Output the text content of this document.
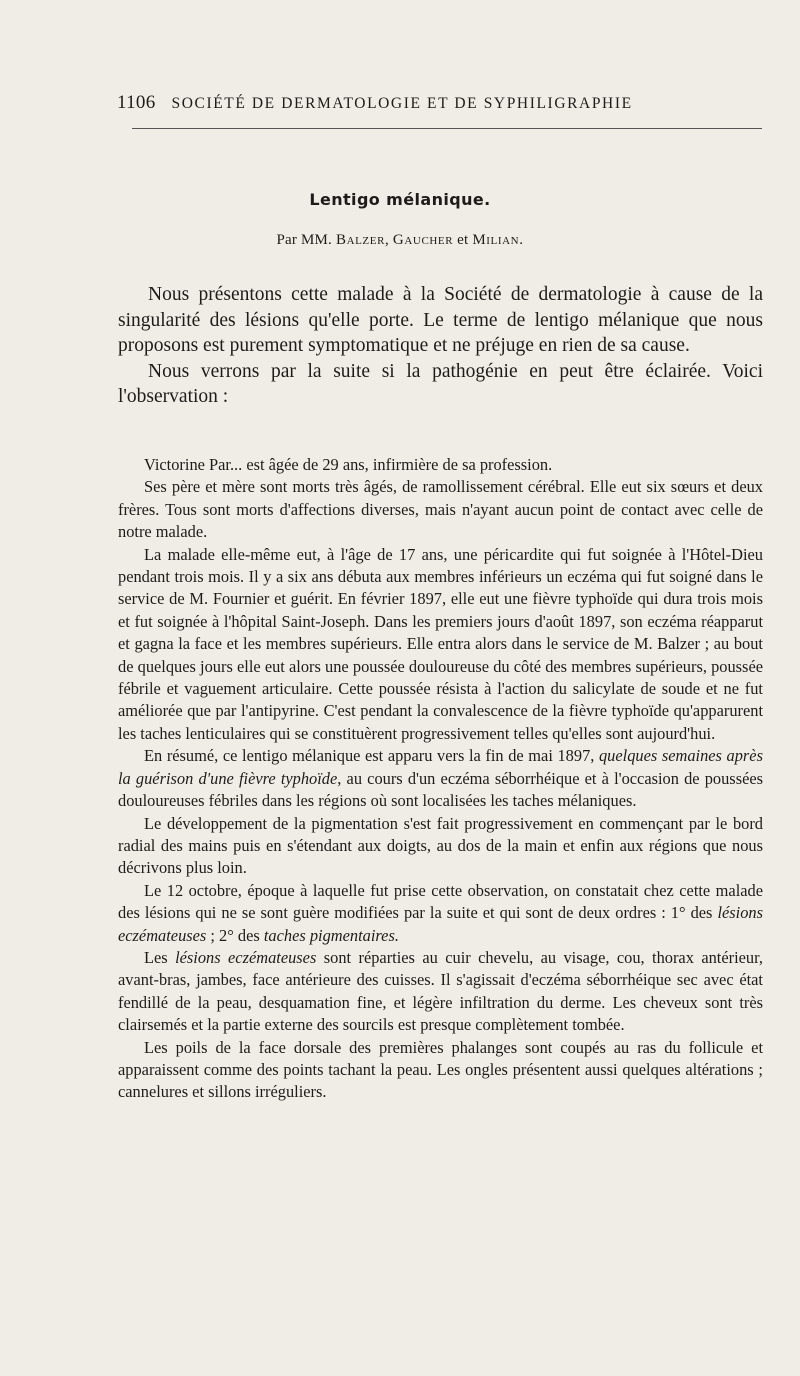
1106 SOCIÉTÉ DE DERMATOLOGIE ET DE SYPHILIGRAPHIE
Lentigo mélanique.
Par MM. Balzer, Gaucher et Milian.

Nous présentons cette malade à la Société de dermatologie à cause de la singularité des lésions qu'elle porte. Le terme de lentigo mélanique que nous proposons est purement symptomatique et ne préjuge en rien de sa cause.

Nous verrons par la suite si la pathogénie en peut être éclairée. Voici l'observation :

Victorine Par... est âgée de 29 ans, infirmière de sa profession.

Ses père et mère sont morts très âgés, de ramollissement cérébral. Elle eut six sœurs et deux frères. Tous sont morts d'affections diverses, mais n'ayant aucun point de contact avec celle de notre malade.

La malade elle-même eut, à l'âge de 17 ans, une péricardite qui fut soignée à l'Hôtel-Dieu pendant trois mois. Il y a six ans débuta aux membres inférieurs un eczéma qui fut soigné dans le service de M. Fournier et guérit. En février 1897, elle eut une fièvre typhoïde qui dura trois mois et fut soignée à l'hôpital Saint-Joseph. Dans les premiers jours d'août 1897, son eczéma réapparut et gagna la face et les membres supérieurs. Elle entra alors dans le service de M. Balzer ; au bout de quelques jours elle eut alors une poussée douloureuse du côté des membres supérieurs, poussée fébrile et vaguement articulaire. Cette poussée résista à l'action du salicylate de soude et ne fut améliorée que par l'antipyrine. C'est pendant la convalescence de la fièvre typhoïde qu'apparurent les taches lenticulaires qui se constituèrent progressivement telles qu'elles sont aujourd'hui.

En résumé, ce lentigo mélanique est apparu vers la fin de mai 1897, quelques semaines après la guérison d'une fièvre typhoïde, au cours d'un eczéma séborrhéique et à l'occasion de poussées douloureuses fébriles dans les régions où sont localisées les taches mélaniques.

Le développement de la pigmentation s'est fait progressivement en commençant par le bord radial des mains puis en s'étendant aux doigts, au dos de la main et enfin aux régions que nous décrivons plus loin.

Le 12 octobre, époque à laquelle fut prise cette observation, on constatait chez cette malade des lésions qui ne se sont guère modifiées par la suite et qui sont de deux ordres : 1° des lésions eczémateuses ; 2° des taches pigmentaires.

Les lésions eczémateuses sont réparties au cuir chevelu, au visage, cou, thorax antérieur, avant-bras, jambes, face antérieure des cuisses. Il s'agissait d'eczéma séborrhéique sec avec état fendillé de la peau, desquamation fine, et légère infiltration du derme. Les cheveux sont très clairsemés et la partie externe des sourcils est presque complètement tombée.

Les poils de la face dorsale des premières phalanges sont coupés au ras du follicule et apparaissent comme des points tachant la peau. Les ongles présentent aussi quelques altérations ; cannelures et sillons irréguliers.
